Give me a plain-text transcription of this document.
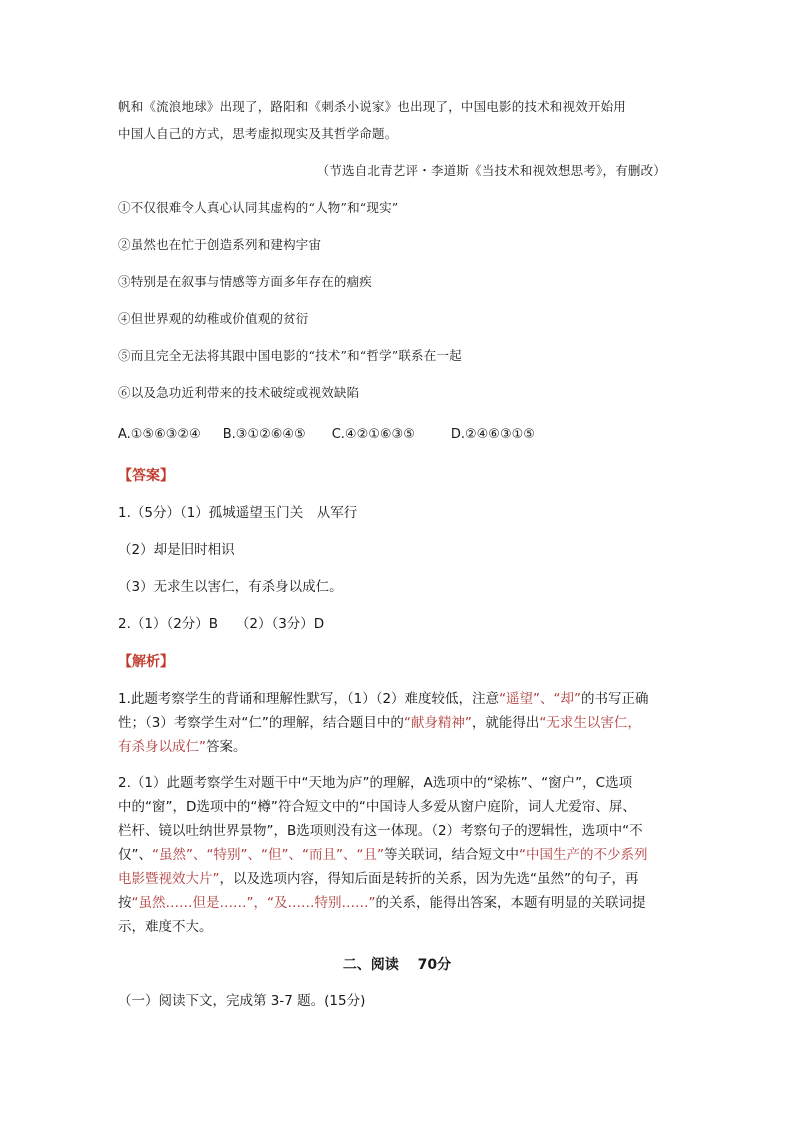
帆和《流浪地球》出现了，路阳和《刺杀小说家》也出现了，中国电影的技术和视效开始用
中国人自己的方式，思考虚拟现实及其哲学命题。
（节选自北青艺评・李道斯《当技术和视效想思考》，有删改）
①不仅很难令人真心认同其虚构的“人物”和“现实”
②虽然也在忙于创造系列和建构宇宙
③特别是在叙事与情感等方面多年存在的痼疾
④但世界观的幼稚或价值观的贫衍
⑤而且完全无法将其跟中国电影的“技术”和“哲学”联系在一起
⑥以及急功近利带来的技术破绽或视效缺陷
A.①⑤⑥③②④ B.③①②⑥④⑤ C.④②①⑥③⑤	D.②④⑥③①⑤
【答案】
1.（5分）（1）孤城遥望玉门关　从军行
（2）却是旧时相识
（3）无求生以害仁，有杀身以成仁。
2.（1）（2分）B　 （2）（3分）D
【解析】
1.此题考察学生的背诵和理解性默写，（1）（2）难度较低，注意“遥望”、“却”的书写正确
性；（3）考察学生对“仁”的理解，结合题目中的“献身精神”，就能得出“无求生以害仁，
有杀身以成仁”答案。
2.（1）此题考察学生对题干中“天地为庐”的理解，A选项中的“梁栋”、“窗户”，C选项
中的“窗”，D选项中的“樽”符合短文中的“中国诗人多爱从窗户庭阶，词人尤爱帘、屏、
栏杆、镜以吐纳世界景物”，B选项则没有这一体现。（2）考察句子的逻辑性，选项中“不
仅”、“虽然”、“特别”、“但”、“而且”、“且”等关联词，结合短文中“中国生产的不少系列
电影暨视效大片”，以及选项内容，得知后面是转折的关系，因为先选“虽然”的句子，再
按“虽然……但是……”，“及……特别……”的关系，能得出答案，本题有明显的关联词提
示，难度不大。
二、阅读　 70分
（一）阅读下文，完成第 3-7 题。(15分)
